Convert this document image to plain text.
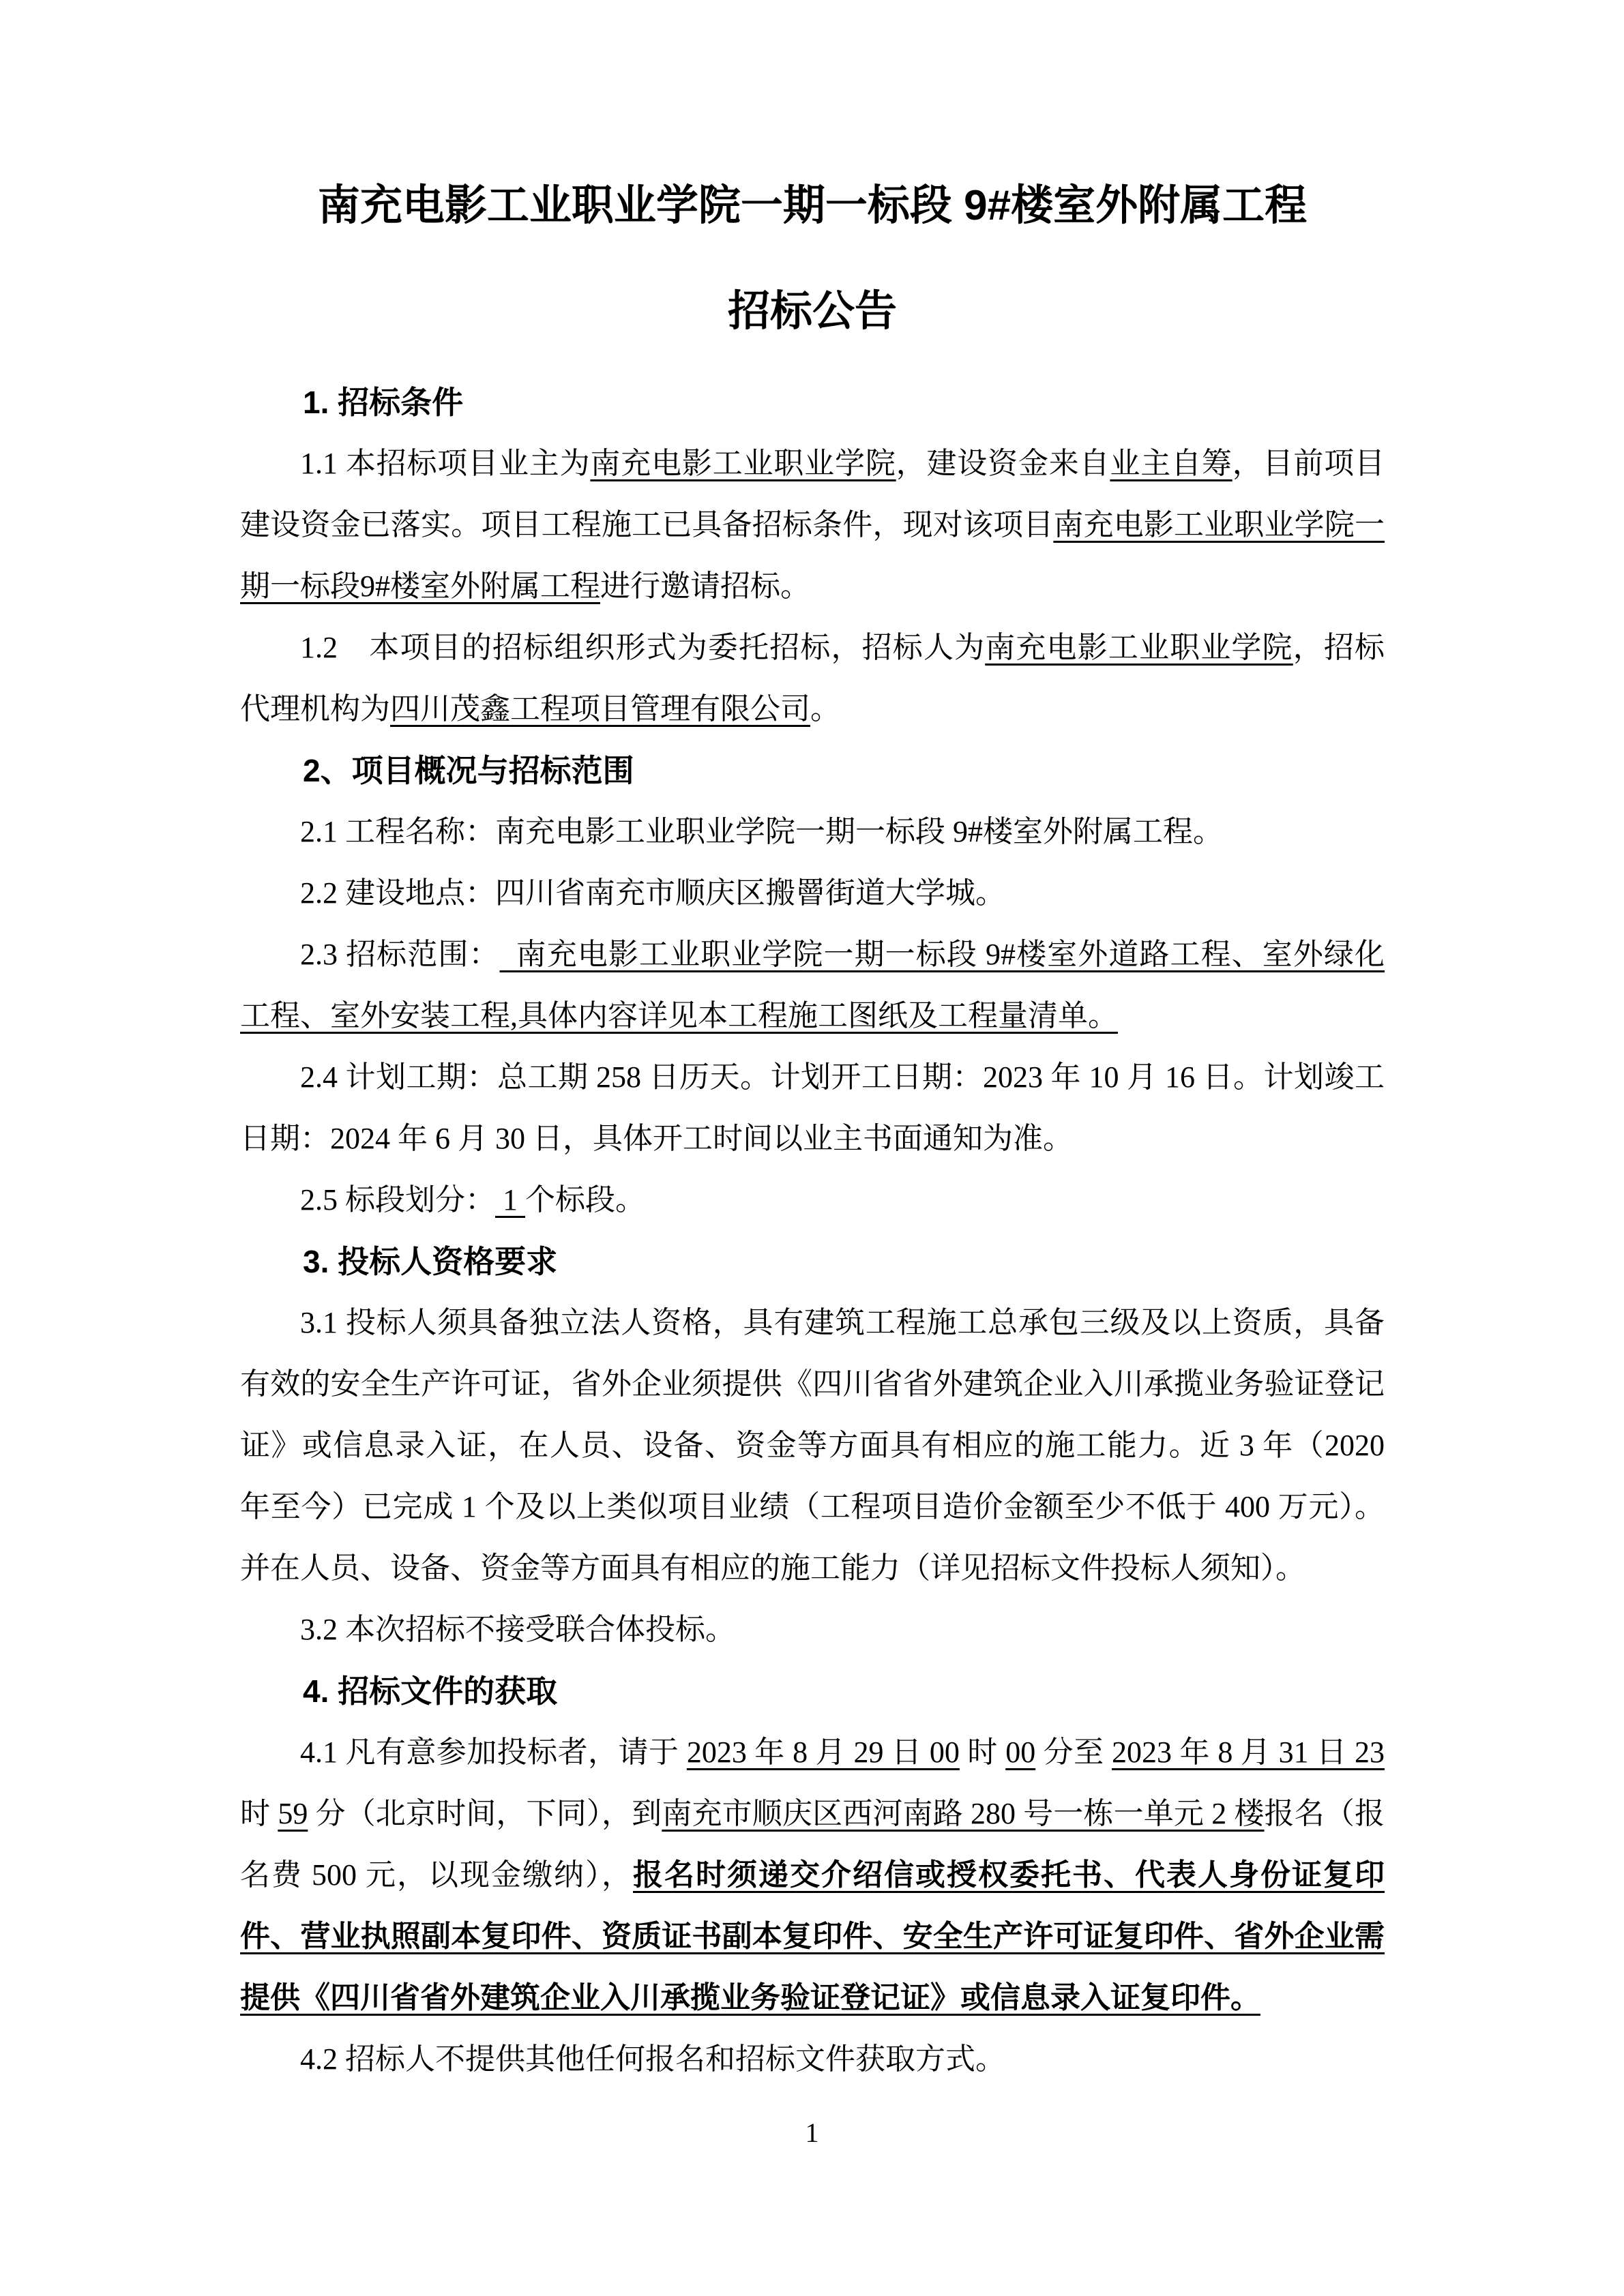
南充电影工业职业学院一期一标段 9#楼室外附属工程

招标公告

1. 招标条件

1.1 本招标项目业主为南充电影工业职业学院，建设资金来自业主自筹，目前项目建设资金已落实。项目工程施工已具备招标条件，现对该项目南充电影工业职业学院一期一标段9#楼室外附属工程进行邀请招标。

1.2　本项目的招标组织形式为委托招标，招标人为南充电影工业职业学院，招标代理机构为四川茂鑫工程项目管理有限公司。

2、项目概况与招标范围

2.1 工程名称：南充电影工业职业学院一期一标段 9#楼室外附属工程。

2.2 建设地点：四川省南充市顺庆区搬罾街道大学城。

2.3 招标范围：  南充电影工业职业学院一期一标段 9#楼室外道路工程、室外绿化工程、室外安装工程,具体内容详见本工程施工图纸及工程量清单。

2.4 计划工期：总工期 258 日历天。计划开工日期：2023 年 10 月 16 日。计划竣工日期：2024 年 6 月 30 日，具体开工时间以业主书面通知为准。

2.5 标段划分： 1 个标段。

3. 投标人资格要求

3.1 投标人须具备独立法人资格，具有建筑工程施工总承包三级及以上资质，具备有效的安全生产许可证，省外企业须提供《四川省省外建筑企业入川承揽业务验证登记证》或信息录入证，在人员、设备、资金等方面具有相应的施工能力。近 3 年（2020 年至今）已完成 1 个及以上类似项目业绩（工程项目造价金额至少不低于 400 万元）。并在人员、设备、资金等方面具有相应的施工能力（详见招标文件投标人须知）。

3.2 本次招标不接受联合体投标。

4. 招标文件的获取

4.1 凡有意参加投标者，请于 2023 年 8 月 29 日 00 时 00 分至 2023 年 8 月 31 日 23 时 59 分（北京时间，下同），到南充市顺庆区西河南路 280 号一栋一单元 2 楼报名（报名费 500 元，以现金缴纳），报名时须递交介绍信或授权委托书、代表人身份证复印件、营业执照副本复印件、资质证书副本复印件、安全生产许可证复印件、省外企业需提供《四川省省外建筑企业入川承揽业务验证登记证》或信息录入证复印件。

4.2 招标人不提供其他任何报名和招标文件获取方式。

1
